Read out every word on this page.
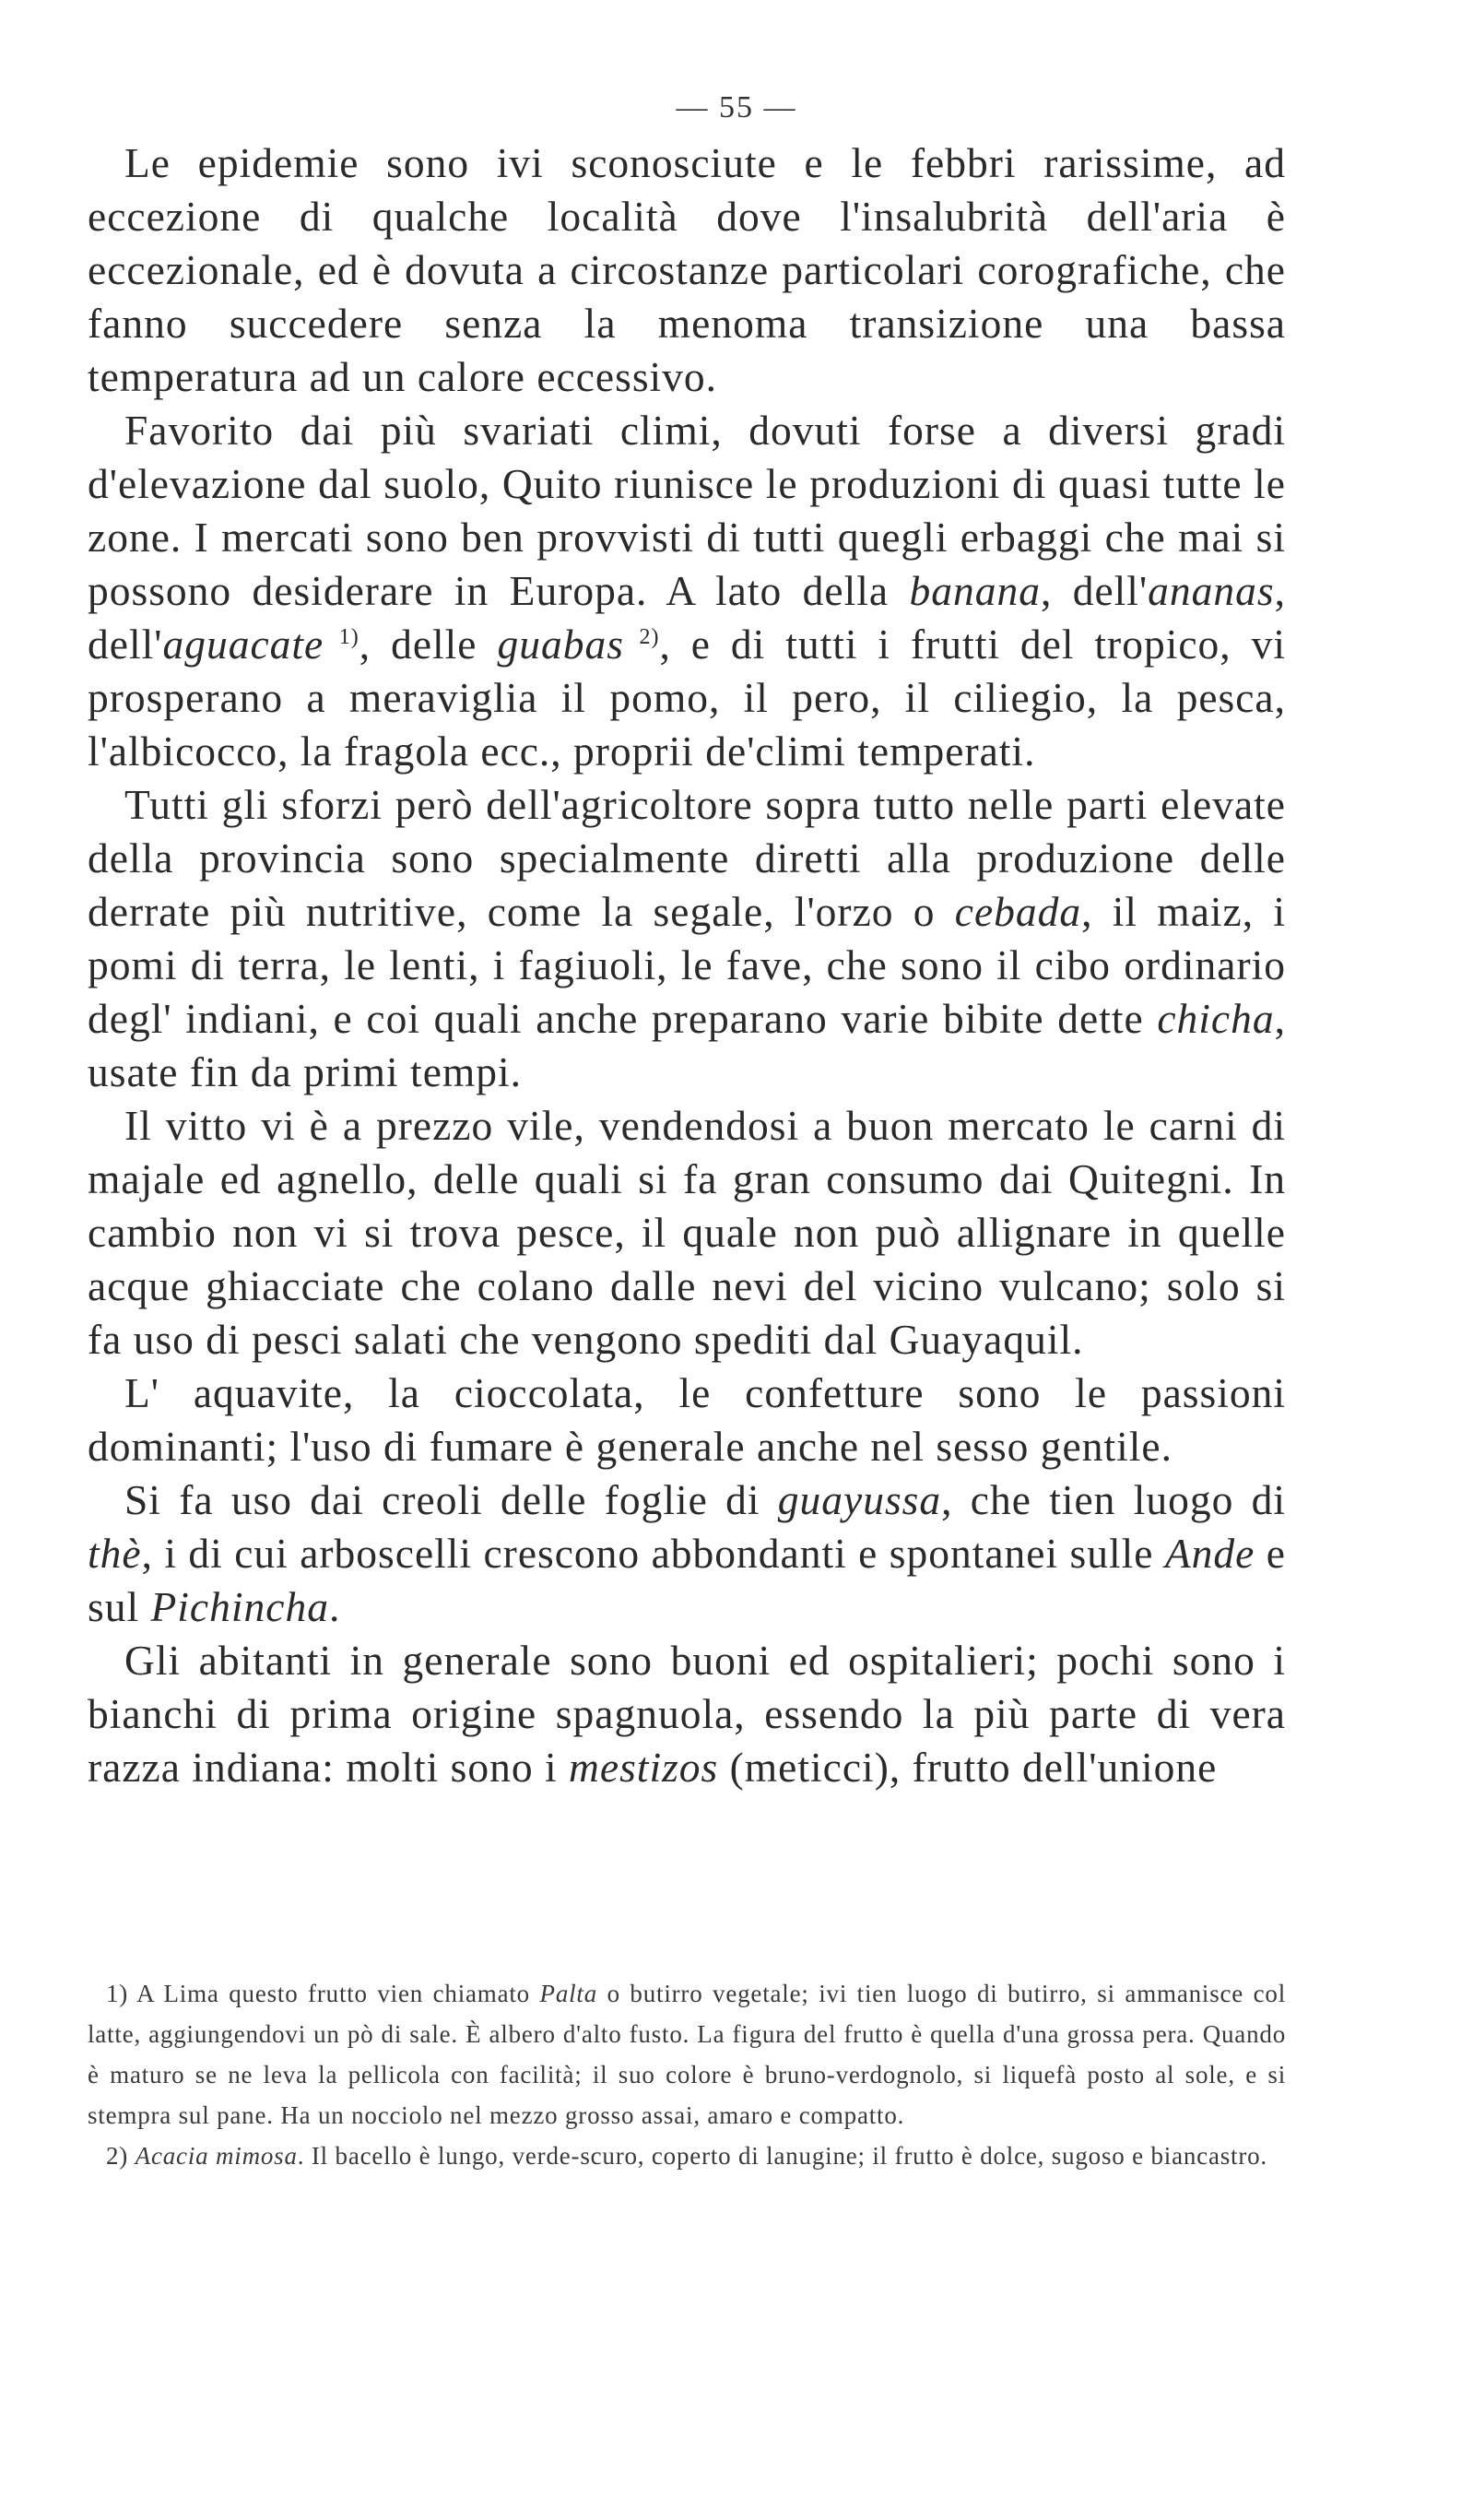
— 55 —

Le epidemie sono ivi sconosciute e le febbri rarissime, ad eccezione di qualche località dove l'insalubrità dell'aria è eccezionale, ed è dovuta a circostanze particolari corografiche, che fanno succedere senza la menoma transizione una bassa temperatura ad un calore eccessivo.

Favorito dai più svariati climi, dovuti forse a diversi gradi d'elevazione dal suolo, Quito riunisce le produzioni di quasi tutte le zone. I mercati sono ben provvisti di tutti quegli erbaggi che mai si possono desiderare in Europa. A lato della banana, dell'ananas, dell'aguacate $^{1)}$, delle guabas $^{2)}$, e di tutti i frutti del tropico, vi prosperano a meraviglia il pomo, il pero, il ciliegio, la pesca, l'albicocco, la fragola ecc., proprii de'climi temperati.

Tutti gli sforzi però dell'agricoltore sopra tutto nelle parti elevate della provincia sono specialmente diretti alla produzione delle derrate più nutritive, come la segale, l'orzo o cebada, il maiz, i pomi di terra, le lenti, i fagiuoli, le fave, che sono il cibo ordinario degl' indiani, e coi quali anche preparano varie bibite dette chicha, usate fin da primi tempi.

Il vitto vi è a prezzo vile, vendendosi a buon mercato le carni di majale ed agnello, delle quali si fa gran consumo dai Quitegni. In cambio non vi si trova pesce, il quale non può allignare in quelle acque ghiacciate che colano dalle nevi del vicino vulcano; solo si fa uso di pesci salati che vengono spediti dal Guayaquil.

L' aquavite, la cioccolata, le confetture sono le passioni dominanti; l'uso di fumare è generale anche nel sesso gentile.

Si fa uso dai creoli delle foglie di guayussa, che tien luogo di thè, i di cui arboscelli crescono abbondanti e spontanei sulle Ande e sul Pichincha.

Gli abitanti in generale sono buoni ed ospitalieri; pochi sono i bianchi di prima origine spagnuola, essendo la più parte di vera razza indiana: molti sono i mestizos (meticci), frutto dell'unione

1) A Lima questo frutto vien chiamato Palta o butirro vegetale; ivi tien luogo di butirro, si ammanisce col latte, aggiungendovi un pò di sale. È albero d'alto fusto. La figura del frutto è quella d'una grossa pera. Quando è maturo se ne leva la pellicola con facilità; il suo colore è bruno-verdognolo, si liquefà posto al sole, e si stempra sul pane. Ha un nocciolo nel mezzo grosso assai, amaro e compatto.

2) Acacia mimosa. Il bacello è lungo, verde-scuro, coperto di lanugine; il frutto è dolce, sugoso e biancastro.
